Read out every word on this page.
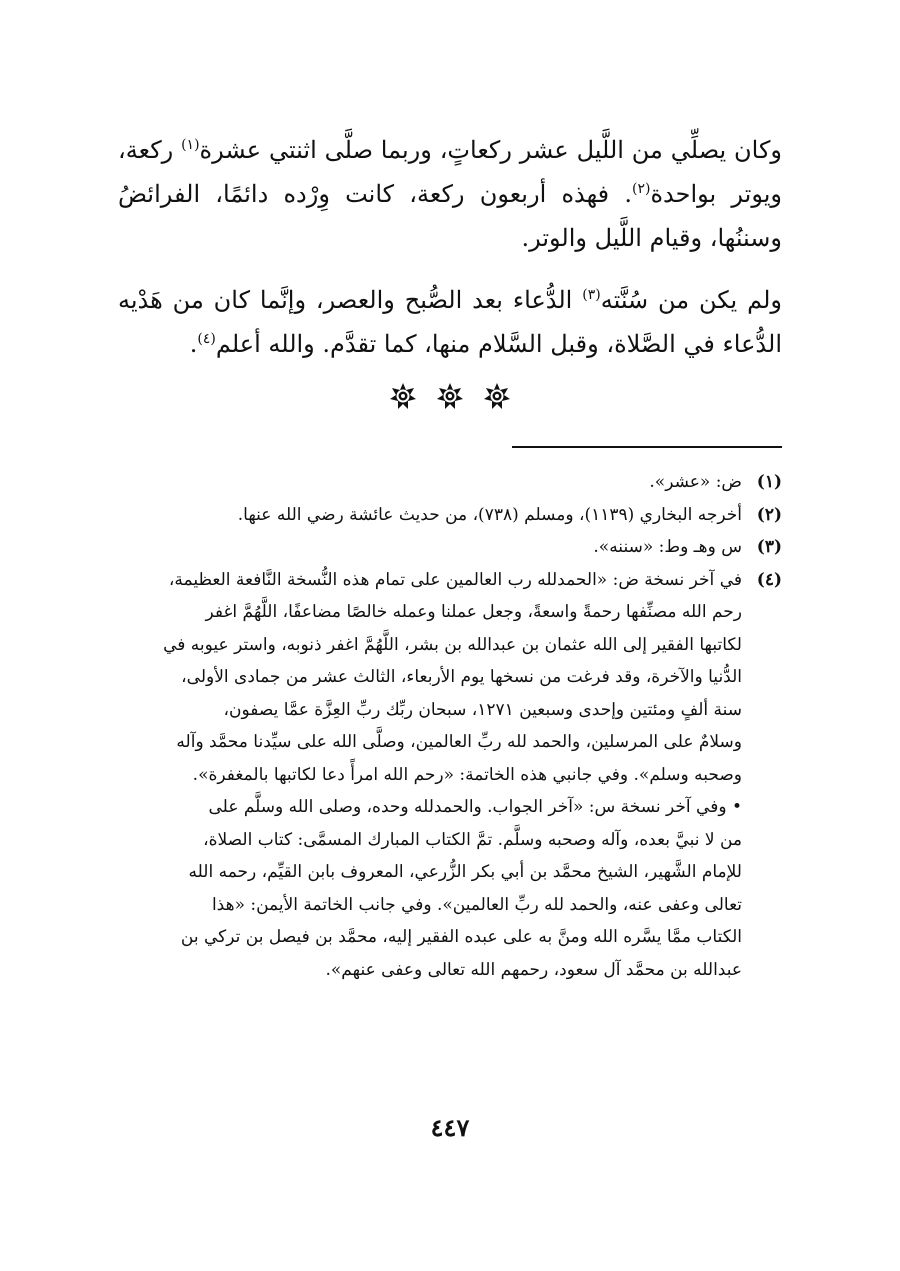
وكان يصلِّي من اللَّيل عشر ركعاتٍ، وربما صلَّى اثنتي عشرة$^{(١)}$ ركعة، ويوتر بواحدة$^{(٢)}$. فهذه أربعون ركعة، كانت وِرْده دائمًا، الفرائضُ وسننُها، وقيام اللَّيل والوتر.

ولم يكن من سُنَّته$^{(٣)}$ الدُّعاء بعد الصُّبح والعصر، وإنَّما كان من هَدْيه الدُّعاء في الصَّلاة، وقبل السَّلام منها، كما تقدَّم. والله أعلم$^{(٤)}$.

(١)
ض: «عشر».
(٢)
أخرجه البخاري (١١٣٩)، ومسلم (٧٣٨)، من حديث عائشة رضي الله عنها.
(٣)
س وهـ وط: «سننه».
(٤)
في آخر نسخة ض: «الحمدلله رب العالمين على تمام هذه النُّسخة النَّافعة العظيمة،
رحم الله مصنِّفها رحمةً واسعةً، وجعل عملنا وعمله خالصًا مضاعفًا، اللَّهُمَّ اغفر
لكاتبها الفقير إلى الله عثمان بن عبدالله بن بشر، اللَّهُمَّ اغفر ذنوبه، واستر عيوبه في
الدُّنيا والآخرة، وقد فرغت من نسخها يوم الأربعاء، الثالث عشر من جمادى الأولى،
سنة ألفٍ ومئتين وإحدى وسبعين ١٢٧١، سبحان ربِّك ربِّ العِزَّة عمَّا يصفون،
وسلامٌ على المرسلين، والحمد لله ربِّ العالمين، وصلَّى الله على سيِّدنا محمَّد وآله
وصحبه وسلم». وفي جانبي هذه الخاتمة: «رحم الله امرأً دعا لكاتبها بالمغفرة».
• وفي آخر نسخة س: «آخر الجواب. والحمدلله وحده، وصلى الله وسلَّم على
من لا نبيَّ بعده، وآله وصحبه وسلَّم. تمَّ الكتاب المبارك المسمَّى: كتاب الصلاة،
للإمام الشَّهير، الشيخ محمَّد بن أبي بكر الزُّرعي، المعروف بابن القيِّم، رحمه الله
تعالى وعفى عنه، والحمد لله ربِّ العالمين». وفي جانب الخاتمة الأيمن: «هذا
الكتاب ممَّا يسَّره الله ومنَّ به على عبده الفقير إليه، محمَّد بن فيصل بن تركي بن
عبدالله بن محمَّد آل سعود، رحمهم الله تعالى وعفى عنهم».
٤٤٧
